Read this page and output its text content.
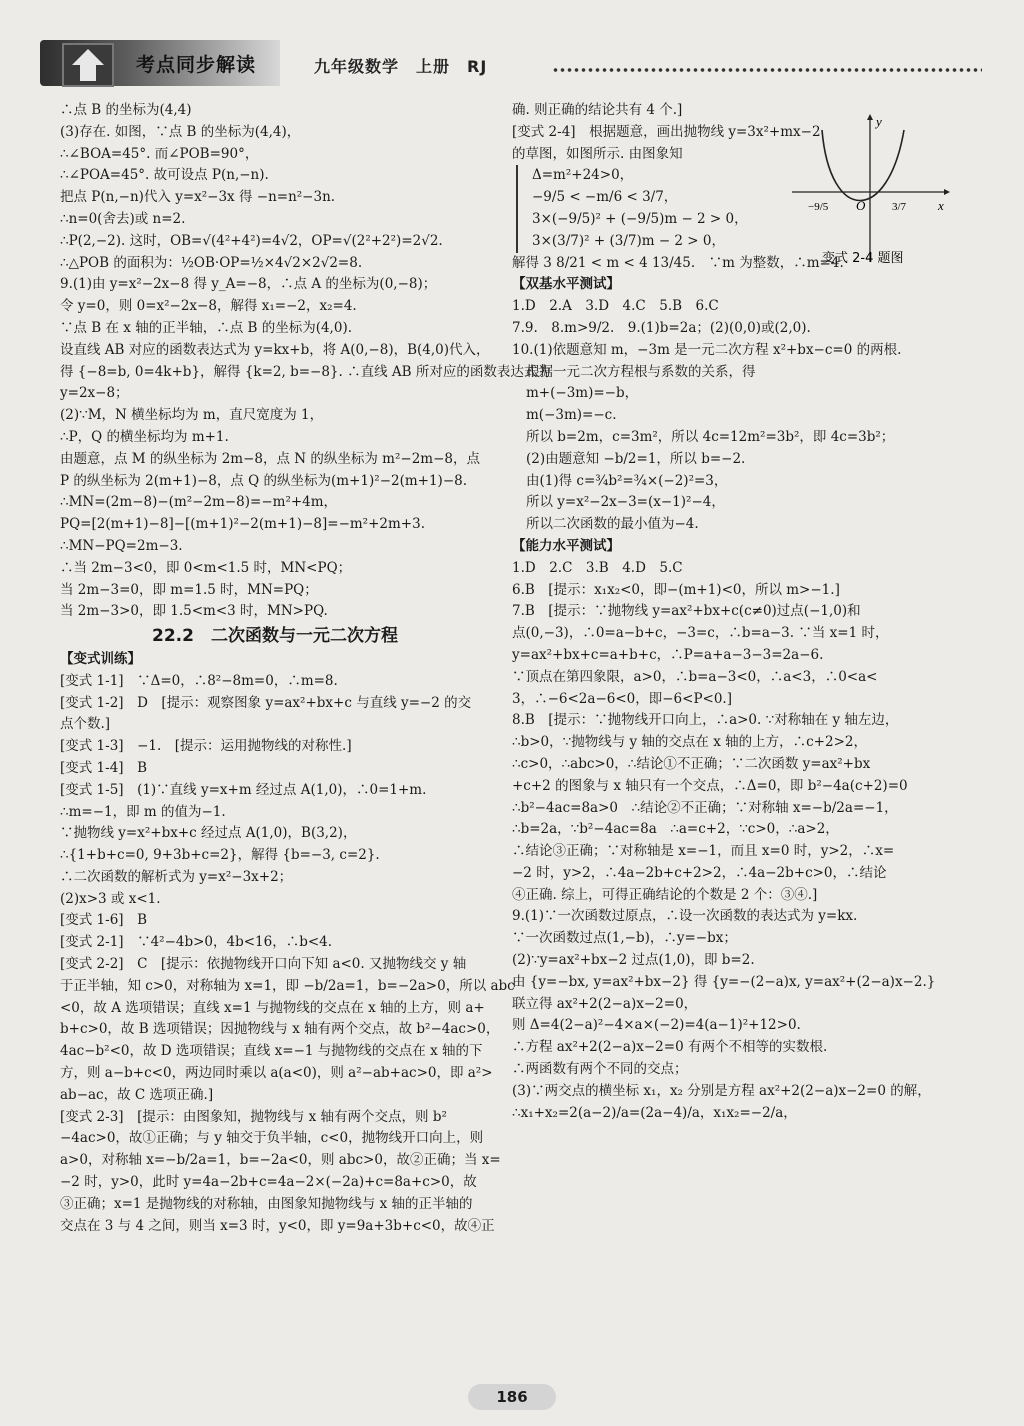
考点同步解读	九年级数学　上册　RJ
∴点 B 的坐标为(4,4)
(3)存在. 如图，∵点 B 的坐标为(4,4)，
∴∠BOA=45°. 而∠POB=90°，
∴∠POA=45°. 故可设点 P(n,−n).
把点 P(n,−n)代入 y=x²−3x 得 −n=n²−3n.
∴n=0(舍去)或 n=2.
∴P(2,−2). 这时，OB=√(4²+4²)=4√2，OP=√(2²+2²)=2√2.
∴△POB 的面积为：½OB·OP=½×4√2×2√2=8.
9.(1)由 y=x²−2x−8 得 y_A=−8，∴点 A 的坐标为(0,−8)；
令 y=0，则 0=x²−2x−8，解得 x₁=−2，x₂=4.
∵点 B 在 x 轴的正半轴，∴点 B 的坐标为(4,0).
设直线 AB 对应的函数表达式为 y=kx+b，将 A(0,−8)，B(4,0)代入，
得 {−8=b, 0=4k+b}，解得 {k=2, b=−8}. ∴直线 AB 所对应的函数表达式为
y=2x−8；
(2)∵M，N 横坐标均为 m，直尺宽度为 1，
∴P，Q 的横坐标均为 m+1.
由题意，点 M 的纵坐标为 2m−8，点 N 的纵坐标为 m²−2m−8，点
P 的纵坐标为 2(m+1)−8，点 Q 的纵坐标为(m+1)²−2(m+1)−8.
∴MN=(2m−8)−(m²−2m−8)=−m²+4m，
PQ=[2(m+1)−8]−[(m+1)²−2(m+1)−8]=−m²+2m+3.
∴MN−PQ=2m−3.
∴当 2m−3<0，即 0<m<1.5 时，MN<PQ；
当 2m−3=0，即 m=1.5 时，MN=PQ；
当 2m−3>0，即 1.5<m<3 时，MN>PQ.
22.2　二次函数与一元二次方程
【变式训练】
[变式 1-1]　∵Δ=0，∴8²−8m=0，∴m=8.
[变式 1-2]　D　[提示：观察图象 y=ax²+bx+c 与直线 y=−2 的交
点个数.]
[变式 1-3]　−1.　[提示：运用抛物线的对称性.]
[变式 1-4]　B
[变式 1-5]　(1)∵直线 y=x+m 经过点 A(1,0)，∴0=1+m.
∴m=−1，即 m 的值为−1.
∵抛物线 y=x²+bx+c 经过点 A(1,0)，B(3,2)，
∴{1+b+c=0, 9+3b+c=2}，解得 {b=−3, c=2}.
∴二次函数的解析式为 y=x²−3x+2；
(2)x>3 或 x<1.
[变式 1-6]　B
[变式 2-1]　∵4²−4b>0，4b<16，∴b<4.
[变式 2-2]　C　[提示：依抛物线开口向下知 a<0. 又抛物线交 y 轴
于正半轴，知 c>0，对称轴为 x=1，即 −b/2a=1，b=−2a>0，所以 abc
<0，故 A 选项错误；直线 x=1 与抛物线的交点在 x 轴的上方，则 a+
b+c>0，故 B 选项错误；因抛物线与 x 轴有两个交点，故 b²−4ac>0，
4ac−b²<0，故 D 选项错误；直线 x=−1 与抛物线的交点在 x 轴的下
方，则 a−b+c<0，两边同时乘以 a(a<0)，则 a²−ab+ac>0，即 a²>
ab−ac，故 C 选项正确.]
[变式 2-3]　[提示：由图象知，抛物线与 x 轴有两个交点，则 b²
−4ac>0，故①正确；与 y 轴交于负半轴，c<0，抛物线开口向上，则
a>0，对称轴 x=−b/2a=1，b=−2a<0，则 abc>0，故②正确；当 x=
−2 时，y>0，此时 y=4a−2b+c=4a−2×(−2a)+c=8a+c>0，故
③正确；x=1 是抛物线的对称轴，由图象知抛物线与 x 轴的正半轴的
交点在 3 与 4 之间，则当 x=3 时，y<0，即 y=9a+3b+c<0，故④正
确. 则正确的结论共有 4 个.]
[变式 2-4]　根据题意，画出抛物线 y=3x²+mx−2
的草图，如图所示. 由图象知
Δ=m²+24>0，
−9/5 < −m/6 < 3/7，
3×(−9/5)² + (−9/5)m − 2 > 0，
3×(3/7)² + (3/7)m − 2 > 0，
解得 3 8/21 < m < 4 13/45.　∵m 为整数，∴m=4.
【双基水平测试】
1.D　2.A　3.D　4.C　5.B　6.C
7.9.　8.m>9/2.　9.(1)b=2a；(2)(0,0)或(2,0).
10.(1)依题意知 m，−3m 是一元二次方程 x²+bx−c=0 的两根.
根据一元二次方程根与系数的关系，得
m+(−3m)=−b，
m(−3m)=−c.
所以 b=2m，c=3m²，所以 4c=12m²=3b²，即 4c=3b²；
(2)由题意知 −b/2=1，所以 b=−2.
由(1)得 c=¾b²=¾×(−2)²=3，
所以 y=x²−2x−3=(x−1)²−4，
所以二次函数的最小值为−4.
【能力水平测试】
1.D　2.C　3.B　4.D　5.C
6.B　[提示：x₁x₂<0，即−(m+1)<0，所以 m>−1.]
7.B　[提示：∵抛物线 y=ax²+bx+c(c≠0)过点(−1,0)和
点(0,−3)，∴0=a−b+c，−3=c，∴b=a−3. ∵当 x=1 时，
y=ax²+bx+c=a+b+c，∴P=a+a−3−3=2a−6.
∵顶点在第四象限，a>0，∴b=a−3<0，∴a<3，∴0<a<
3，∴−6<2a−6<0，即−6<P<0.]
8.B　[提示：∵抛物线开口向上，∴a>0. ∵对称轴在 y 轴左边，
∴b>0，∵抛物线与 y 轴的交点在 x 轴的上方，∴c+2>2，
∴c>0，∴abc>0，∴结论①不正确；∵二次函数 y=ax²+bx
+c+2 的图象与 x 轴只有一个交点，∴Δ=0，即 b²−4a(c+2)=0
∴b²−4ac=8a>0　∴结论②不正确；∵对称轴 x=−b/2a=−1，
∴b=2a，∵b²−4ac=8a　∴a=c+2，∵c>0，∴a>2，
∴结论③正确；∵对称轴是 x=−1，而且 x=0 时，y>2，∴x=
−2 时，y>2，∴4a−2b+c+2>2，∴4a−2b+c>0，∴结论
④正确. 综上，可得正确结论的个数是 2 个：③④.]
9.(1)∵一次函数过原点，∴设一次函数的表达式为 y=kx.
∵一次函数过点(1,−b)，∴y=−bx；
(2)∵y=ax²+bx−2 过点(1,0)，即 b=2.
由 {y=−bx, y=ax²+bx−2} 得 {y=−(2−a)x, y=ax²+(2−a)x−2.}
联立得 ax²+2(2−a)x−2=0，
则 Δ=4(2−a)²−4×a×(−2)=4(a−1)²+12>0.
∴方程 ax²+2(2−a)x−2=0 有两个不相等的实数根.
∴两函数有两个不同的交点；
(3)∵两交点的横坐标 x₁，x₂ 分别是方程 ax²+2(2−a)x−2=0 的解，
∴x₁+x₂=2(a−2)/a=(2a−4)/a，x₁x₂=−2/a，
x
y
O
−9/5	3/7
变式 2-4 题图
186
